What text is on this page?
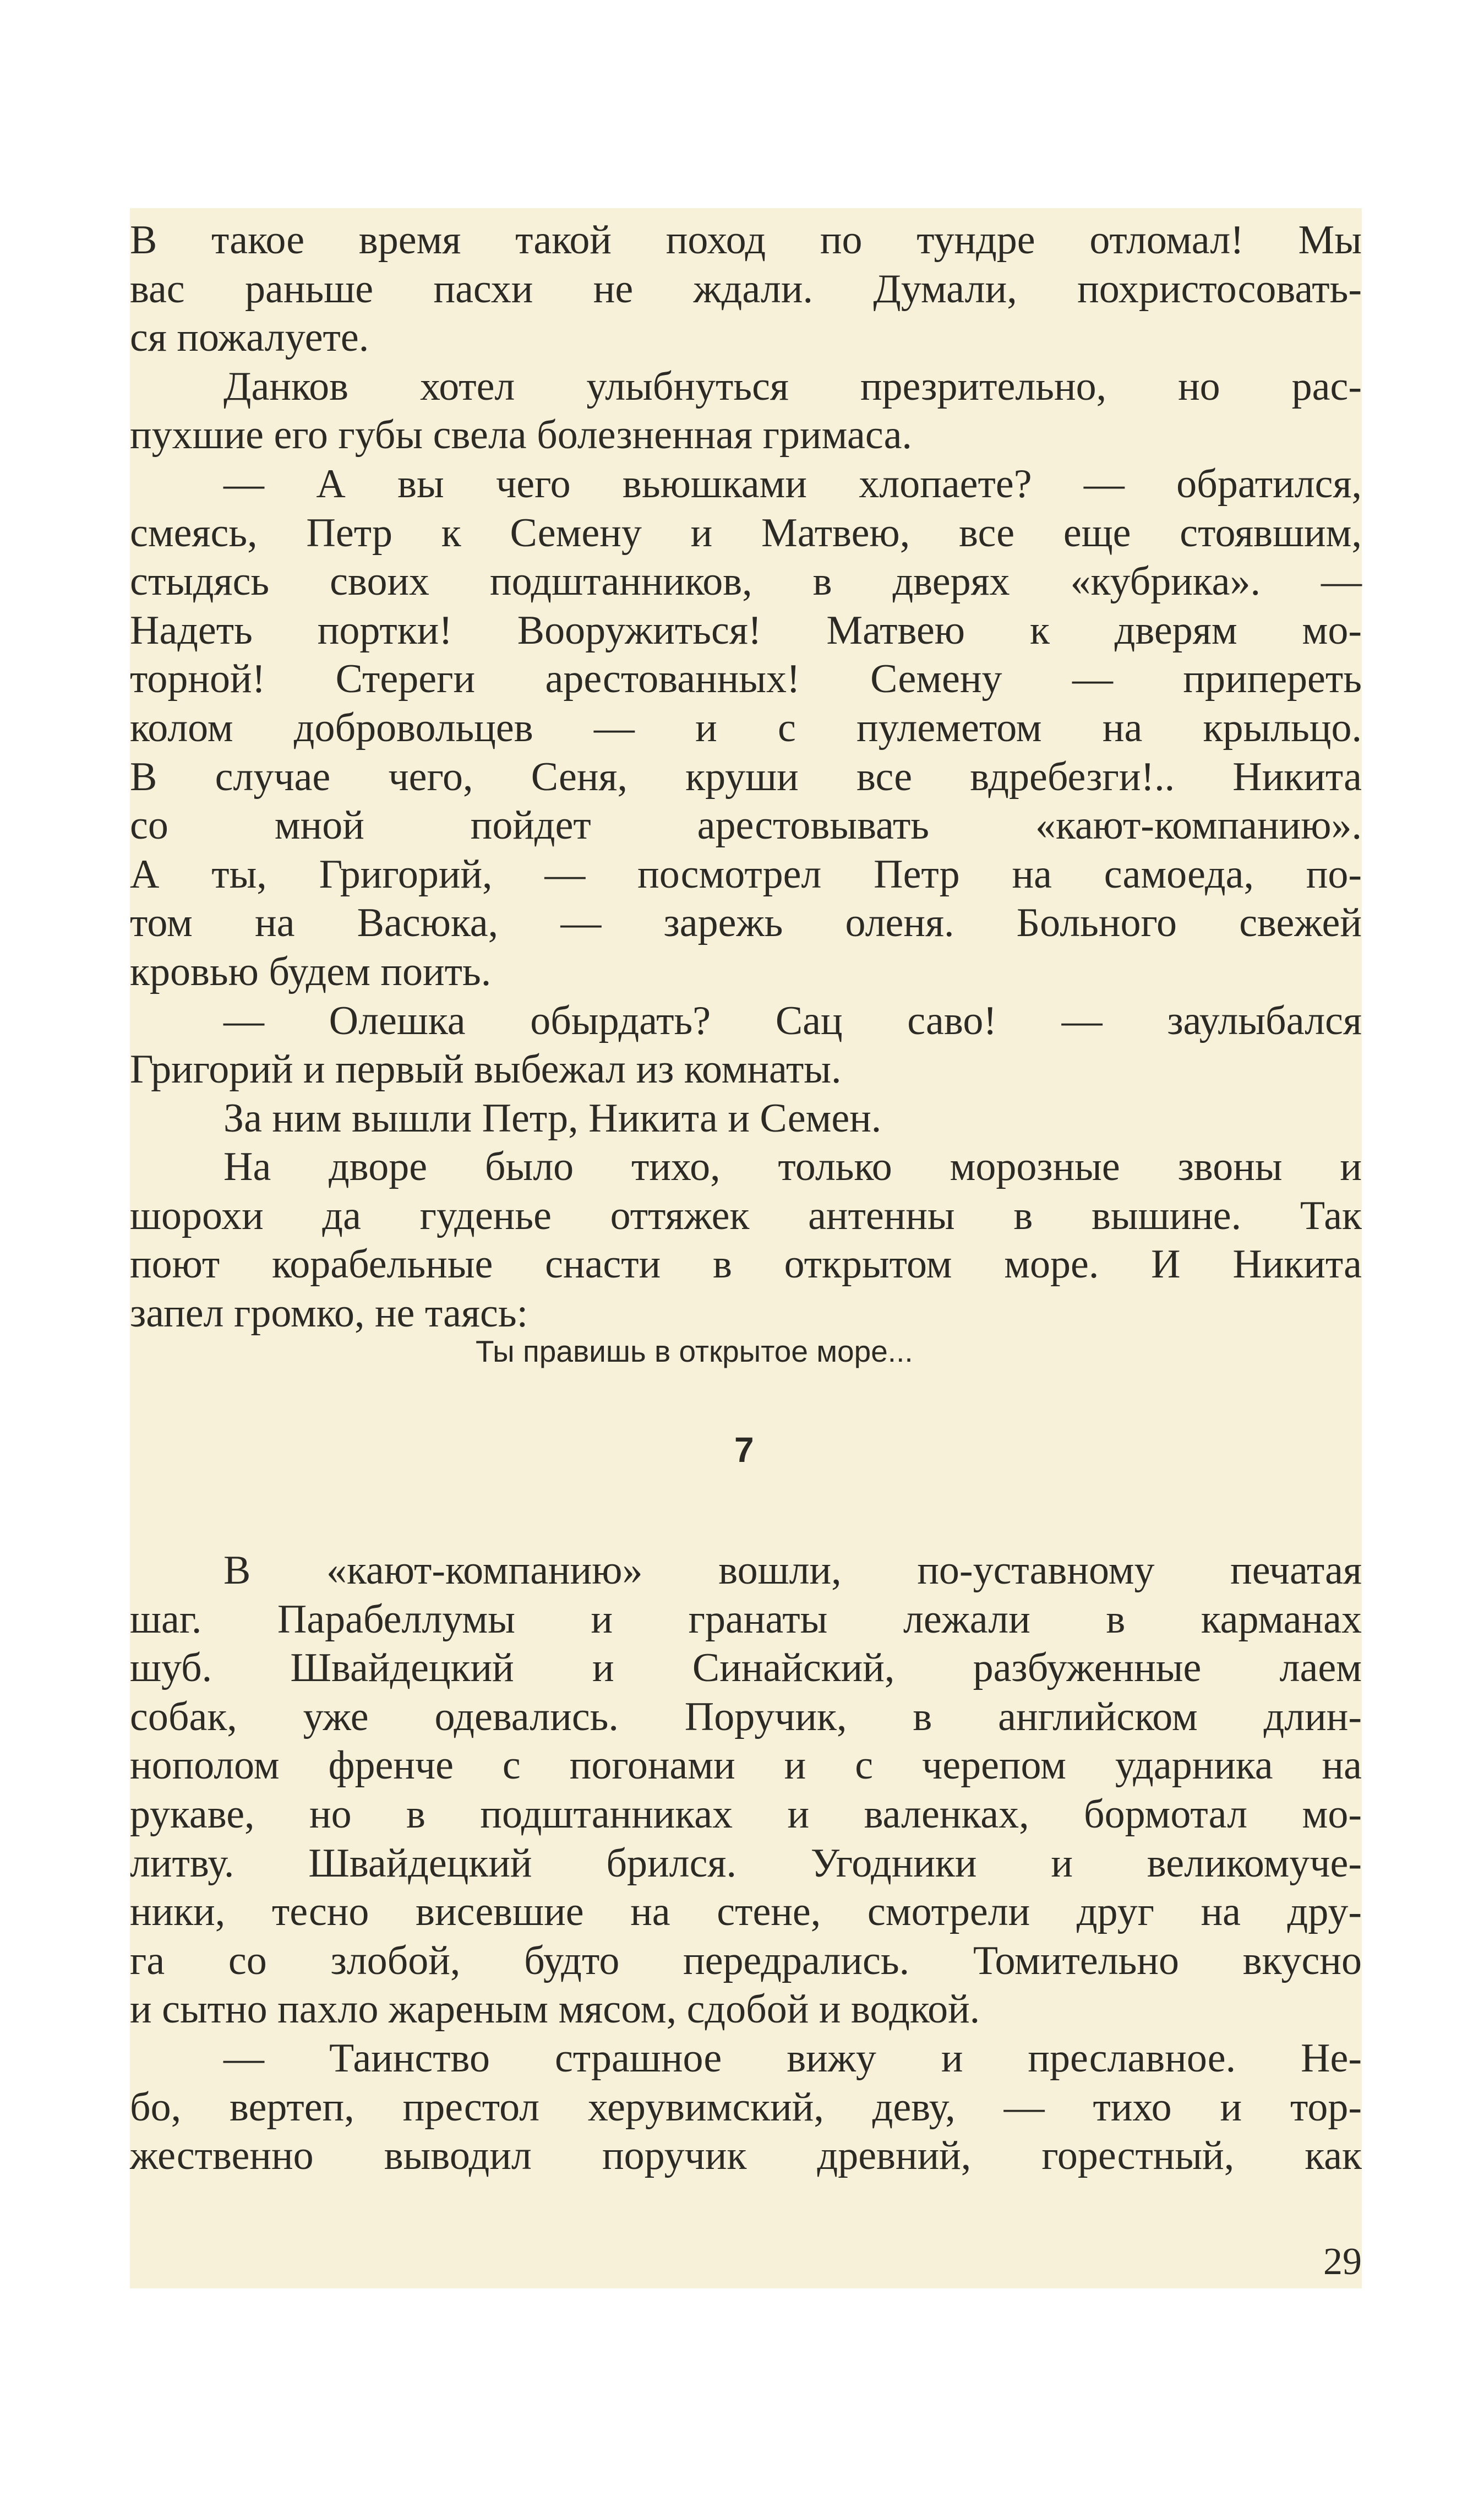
В такое время такой поход по тундре отломал! Мы

вас раньше пасхи не ждали. Думали, похристосовать-

ся пожалуете.

Данков хотел улыбнуться презрительно, но рас-

пухшие его губы свела болезненная гримаса.

— А вы чего вьюшками хлопаете? — обратился,

смеясь, Петр к Семену и Матвею, все еще стоявшим,

стыдясь своих подштанников, в дверях «кубрика». —

Надеть портки! Вооружиться! Матвею к дверям мо-

торной! Стереги арестованных! Семену — припереть

колом добровольцев — и с пулеметом на крыльцо.

В случае чего, Сеня, круши все вдребезги!.. Никита

со мной пойдет арестовывать «кают-компанию».

А ты, Григорий, — посмотрел Петр на самоеда, по-

том на Васюка, — зарежь оленя. Больного свежей

кровью будем поить.

— Олешка обырдать? Сац саво! — заулыбался

Григорий и первый выбежал из комнаты.

За ним вышли Петр, Никита и Семен.

На дворе было тихо, только морозные звоны и

шорохи да гуденье оттяжек антенны в вышине. Так

поют корабельные снасти в открытом море. И Никита

запел громко, не таясь:

Ты правишь в открытое море...
7

В «кают-компанию» вошли, по-уставному печатая

шаг. Парабеллумы и гранаты лежали в карманах

шуб. Швайдецкий и Синайский, разбуженные лаем

собак, уже одевались. Поручик, в английском длин-

нополом френче с погонами и с черепом ударника на

рукаве, но в подштанниках и валенках, бормотал мо-

литву. Швайдецкий брился. Угодники и великомуче-

ники, тесно висевшие на стене, смотрели друг на дру-

га со злобой, будто передрались. Томительно вкусно

и сытно пахло жареным мясом, сдобой и водкой.

— Таинство страшное вижу и преславное. Не-

бо, вертеп, престол херувимский, деву, — тихо и тор-

жественно выводил поручик древний, горестный, как

29
